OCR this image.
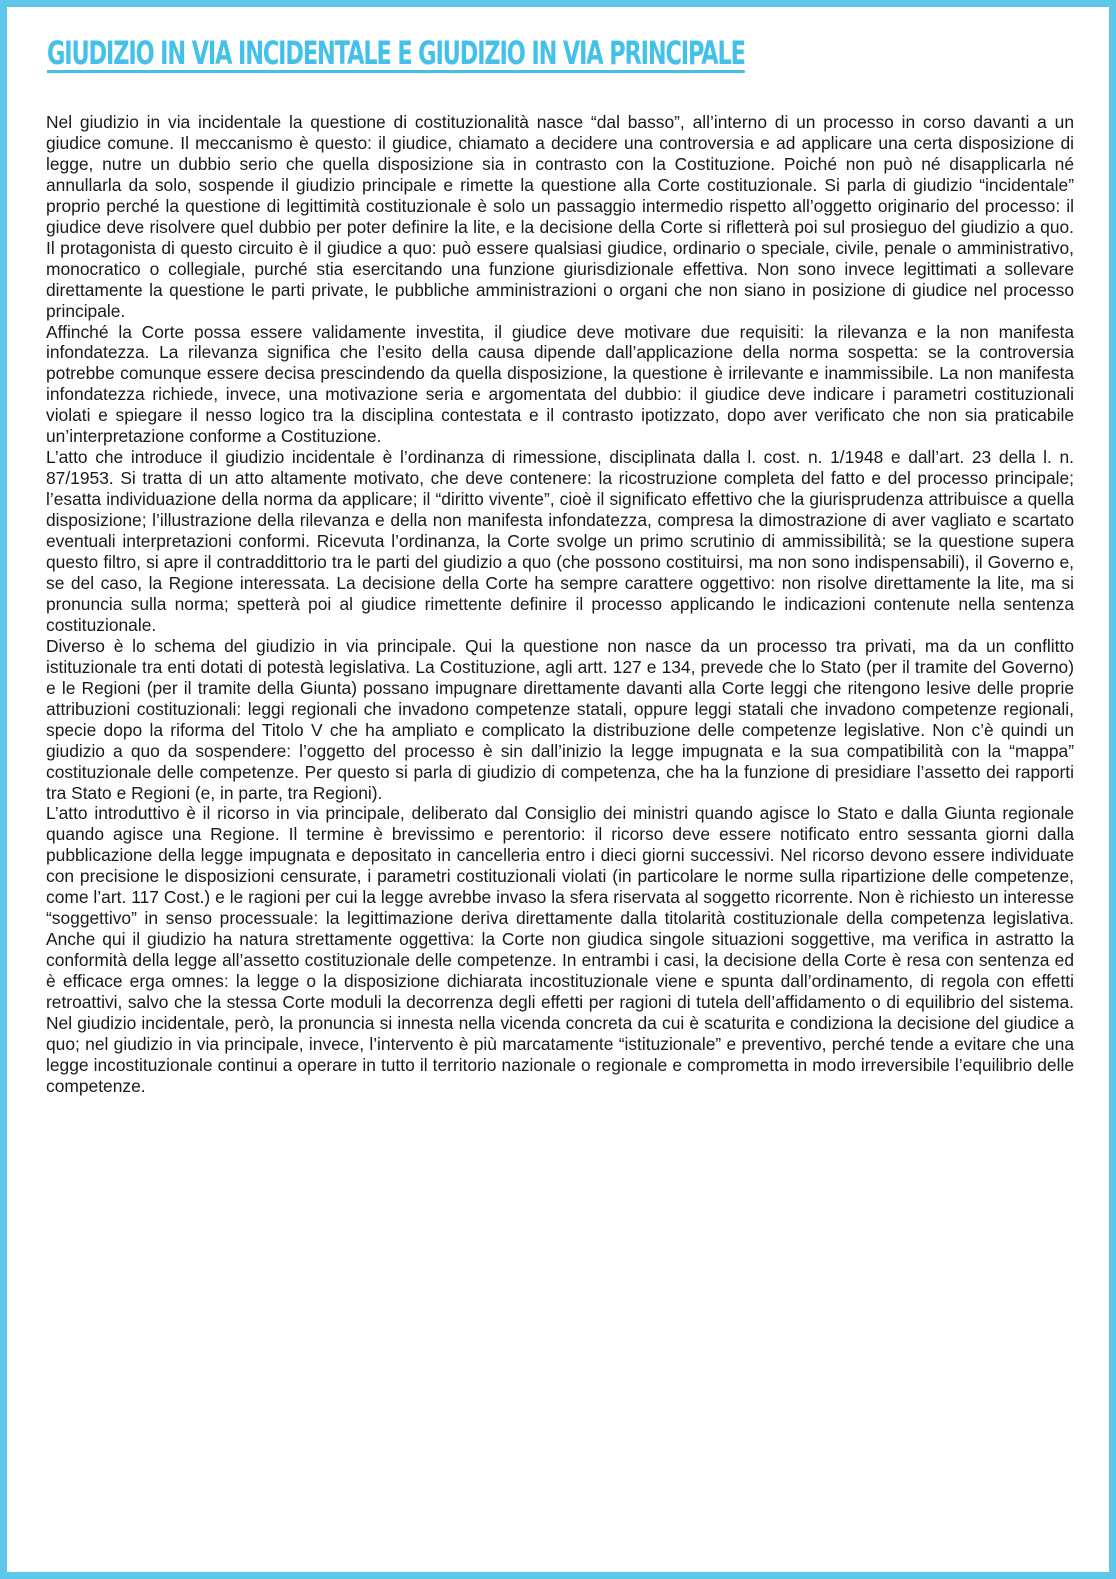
GIUDIZIO IN VIA INCIDENTALE E GIUDIZIO IN VIA PRINCIPALE

Nel giudizio in via incidentale la questione di costituzionalità nasce “dal basso”, all’interno di un processo in corso davanti a un giudice comune. Il meccanismo è questo: il giudice, chiamato a decidere una controversia e ad applicare una certa disposizione di legge, nutre un dubbio serio che quella disposizione sia in contrasto con la Costituzione. Poiché non può né disapplicarla né annullarla da solo, sospende il giudizio principale e rimette la questione alla Corte costituzionale. Si parla di giudizio “incidentale” proprio perché la questione di legittimità costituzionale è solo un passaggio intermedio rispetto all’oggetto originario del processo: il giudice deve risolvere quel dubbio per poter definire la lite, e la decisione della Corte si rifletterà poi sul prosieguo del giudizio a quo. Il protagonista di questo circuito è il giudice a quo: può essere qualsiasi giudice, ordinario o speciale, civile, penale o amministrativo, monocratico o collegiale, purché stia esercitando una funzione giurisdizionale effettiva. Non sono invece legittimati a sollevare direttamente la questione le parti private, le pubbliche amministrazioni o organi che non siano in posizione di giudice nel processo principale.

Affinché la Corte possa essere validamente investita, il giudice deve motivare due requisiti: la rilevanza e la non manifesta infondatezza. La rilevanza significa che l’esito della causa dipende dall’applicazione della norma sospetta: se la controversia potrebbe comunque essere decisa prescindendo da quella disposizione, la questione è irrilevante e inammissibile. La non manifesta infondatezza richiede, invece, una motivazione seria e argomentata del dubbio: il giudice deve indicare i parametri costituzionali violati e spiegare il nesso logico tra la disciplina contestata e il contrasto ipotizzato, dopo aver verificato che non sia praticabile un’interpretazione conforme a Costituzione.

L’atto che introduce il giudizio incidentale è l’ordinanza di rimessione, disciplinata dalla l. cost. n. 1/1948 e dall’art. 23 della l. n. 87/1953. Si tratta di un atto altamente motivato, che deve contenere: la ricostruzione completa del fatto e del processo principale; l’esatta individuazione della norma da applicare; il “diritto vivente”, cioè il significato effettivo che la giurisprudenza attribuisce a quella disposizione; l’illustrazione della rilevanza e della non manifesta infondatezza, compresa la dimostrazione di aver vagliato e scartato eventuali interpretazioni conformi. Ricevuta l’ordinanza, la Corte svolge un primo scrutinio di ammissibilità; se la questione supera questo filtro, si apre il contraddittorio tra le parti del giudizio a quo (che possono costituirsi, ma non sono indispensabili), il Governo e, se del caso, la Regione interessata. La decisione della Corte ha sempre carattere oggettivo: non risolve direttamente la lite, ma si pronuncia sulla norma; spetterà poi al giudice rimettente definire il processo applicando le indicazioni contenute nella sentenza costituzionale.

Diverso è lo schema del giudizio in via principale. Qui la questione non nasce da un processo tra privati, ma da un conflitto istituzionale tra enti dotati di potestà legislativa. La Costituzione, agli artt. 127 e 134, prevede che lo Stato (per il tramite del Governo) e le Regioni (per il tramite della Giunta) possano impugnare direttamente davanti alla Corte leggi che ritengono lesive delle proprie attribuzioni costituzionali: leggi regionali che invadono competenze statali, oppure leggi statali che invadono competenze regionali, specie dopo la riforma del Titolo V che ha ampliato e complicato la distribuzione delle competenze legislative. Non c’è quindi un giudizio a quo da sospendere: l’oggetto del processo è sin dall’inizio la legge impugnata e la sua compatibilità con la “mappa” costituzionale delle competenze. Per questo si parla di giudizio di competenza, che ha la funzione di presidiare l’assetto dei rapporti tra Stato e Regioni (e, in parte, tra Regioni).

L’atto introduttivo è il ricorso in via principale, deliberato dal Consiglio dei ministri quando agisce lo Stato e dalla Giunta regionale quando agisce una Regione. Il termine è brevissimo e perentorio: il ricorso deve essere notificato entro sessanta giorni dalla pubblicazione della legge impugnata e depositato in cancelleria entro i dieci giorni successivi. Nel ricorso devono essere individuate con precisione le disposizioni censurate, i parametri costituzionali violati (in particolare le norme sulla ripartizione delle competenze, come l’art. 117 Cost.) e le ragioni per cui la legge avrebbe invaso la sfera riservata al soggetto ricorrente. Non è richiesto un interesse “soggettivo” in senso processuale: la legittimazione deriva direttamente dalla titolarità costituzionale della competenza legislativa. Anche qui il giudizio ha natura strettamente oggettiva: la Corte non giudica singole situazioni soggettive, ma verifica in astratto la conformità della legge all’assetto costituzionale delle competenze. In entrambi i casi, la decisione della Corte è resa con sentenza ed è efficace erga omnes: la legge o la disposizione dichiarata incostituzionale viene e spunta dall’ordinamento, di regola con effetti retroattivi, salvo che la stessa Corte moduli la decorrenza degli effetti per ragioni di tutela dell’affidamento o di equilibrio del sistema. Nel giudizio incidentale, però, la pronuncia si innesta nella vicenda concreta da cui è scaturita e condiziona la decisione del giudice a quo; nel giudizio in via principale, invece, l’intervento è più marcatamente “istituzionale” e preventivo, perché tende a evitare che una legge incostituzionale continui a operare in tutto il territorio nazionale o regionale e comprometta in modo irreversibile l’equilibrio delle competenze.
